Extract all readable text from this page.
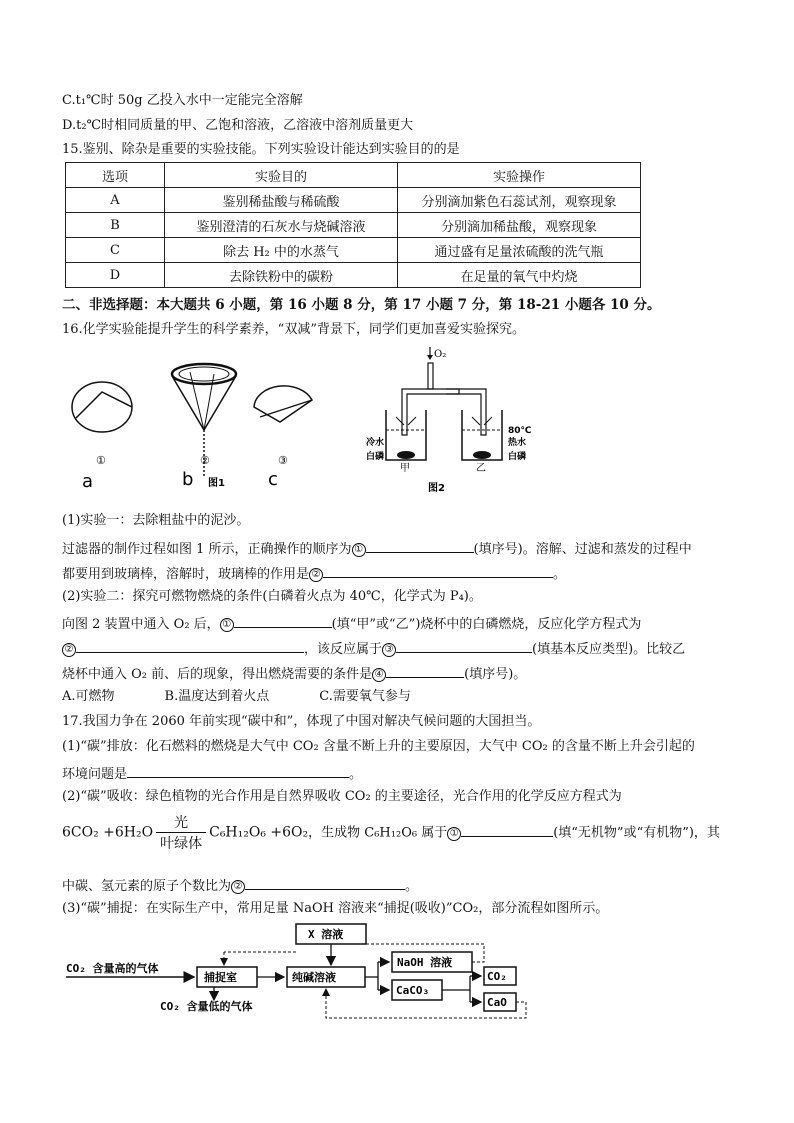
C.t₁℃时 50g 乙投入水中一定能完全溶解
D.t₂℃时相同质量的甲、乙饱和溶液，乙溶液中溶剂质量更大
15.鉴别、除杂是重要的实验技能。下列实验设计能达到实验目的的是
选项	实验目的	实验操作
A	鉴别稀盐酸与稀硫酸	分别滴加紫色石蕊试剂，观察现象
B	鉴别澄清的石灰水与烧碱溶液	分别滴加稀盐酸，观察现象
C	除去 H₂ 中的水蒸气	通过盛有足量浓硫酸的洗气瓶
D	去除铁粉中的碳粉	在足量的氧气中灼烧
二、非选择题：本大题共 6 小题，第 16 小题 8 分，第 17 小题 7 分，第 18-21 小题各 10 分。
16.化学实验能提升学生的科学素养，“双减”背景下，同学们更加喜爱实验探究。
①	②	③
a	b	c
图1
O₂
冷水
白磷
80℃
热水
白磷
甲	乙
图2
(1)实验一：去除粗盐中的泥沙。
过滤器的制作过程如图 1 所示，正确操作的顺序为 ①	(填序号)。溶解、过滤和蒸发的过程中
都要用到玻璃棒，溶解时，玻璃棒的作用是 ②	。
(2)实验二：探究可燃物燃烧的条件(白磷着火点为 40℃，化学式为 P₄)。
向图 2 装置中通入 O₂ 后， ①	(填“甲”或“乙”)烧杯中的白磷燃烧，反应化学方程式为
②	，该反应属于 ③	(填基本反应类型)。比较乙
烧杯中通入 O₂ 前、后的现象，得出燃烧需要的条件是 ④	(填序号)。
A.可燃物	B.温度达到着火点	C.需要氧气参与
17.我国力争在 2060 年前实现“碳中和”，体现了中国对解决气候问题的大国担当。
(1)“碳”排放：化石燃料的燃烧是大气中 CO₂ 含量不断上升的主要原因，大气中 CO₂ 的含量不断上升会引起的
环境问题是	。
(2)“碳”吸收：绿色植物的光合作用是自然界吸收 CO₂ 的主要途径，光合作用的化学反应方程式为
$6CO_2 +6H_2O \frac{\text{光}}{\text{叶绿体}} C_6H_{12}O_6 +6O_2$，生成物 C₆H₁₂O₆ 属于 ①	(填“无机物”或“有机物”)，其
中碳、氢元素的原子个数比为 ②	。
(3)“碳”捕捉：在实际生产中，常用足量 NaOH 溶液来“捕捉(吸收)”CO₂，部分流程如图所示。
CO₂ 含量高的气体
捕捉室
CO₂ 含量低的气体
纯碱溶液
X 溶液
NaOH 溶液
CaCO₃
CO₂
CaO
